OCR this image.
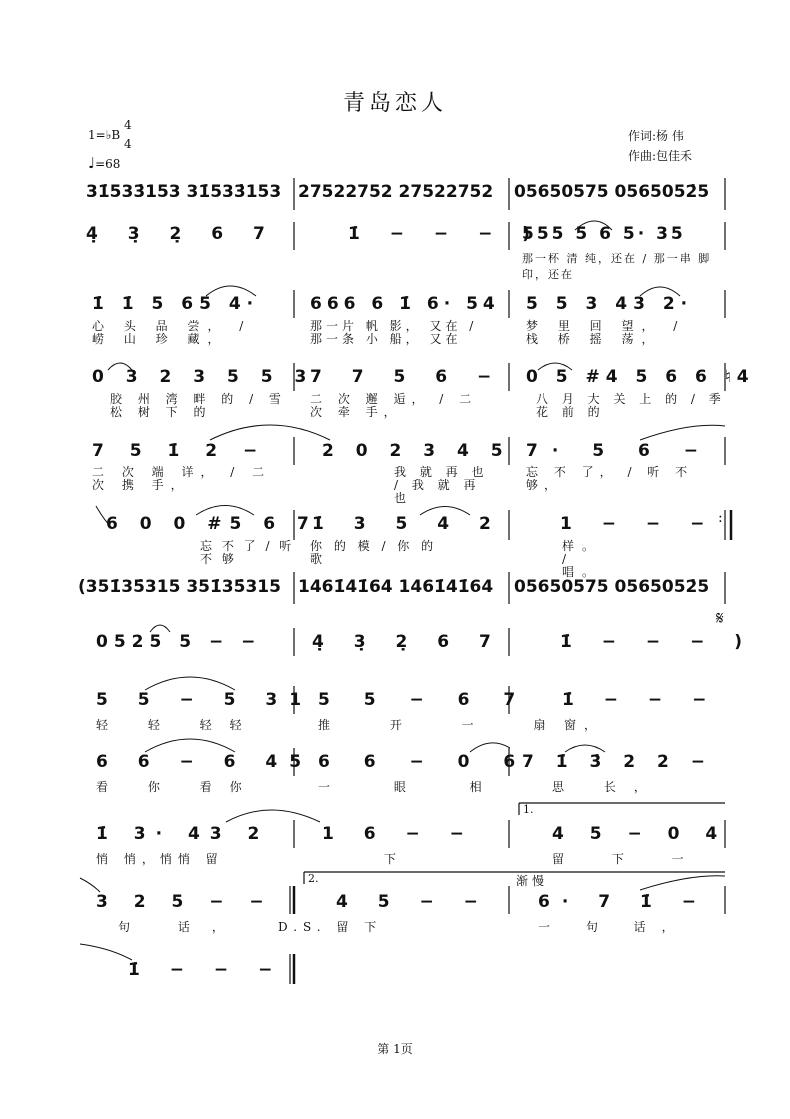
青岛恋人
1=♭B
4
4
♩=68
作词:杨 伟
作曲:包佳禾
31̇533̇153 31̇533̇153 27522752 27522752 05650575 0565052̇5
4̣ 3̣ 2̣ 6 7	1̇ − − − )
555 5 6 5· 35
那一杯 清 纯，还在 / 那一串 脚 印，还在
1̇ 1̇ 5 65 4·	666 6 1̇ 6· 54 5 5 3 43 2·
心 头 品 尝， / 崂 山 珍 藏，
那一片 帆 影， 又在 / 那一条 小 船， 又在
梦 里 回 望， / 栈 桥 摇 荡，
0 3 2 3 5 5 3
7 7 5 6 − 0 5 #4 5 6 6 ♮4
胶 州 湾 畔 的 / 雪 松 树 下 的
二 次 邂 逅， / 二 次 牵 手，
八 月 大 关 上 的 / 季 花 前 的
7 5 1̇ 2 −	2 0 2 3 4 5 7· 5 6 −
二 次 端 详， / 二 次 携 手，
我 就 再 也 / 我 就 再 也
忘 不 了， / 听 不 够，
6 0 0 #5 6 7
1̇ 3 5 4 2	1 − − − :
忘 不 了 / 听 不 够
你 的 模 / 你 的 歌
样。 / 唱。
(351̇35̇315 351̇35̇315 1461̇41̇64 1461̇41̇64 05650575 0565052̇5
0525 5 − −	4̣ 3̣ 2̣ 6 7	1̇ − − − )
𝄋
5 5 − 5 31 5 5 − 6 7 1̇ − − −
轻 轻 轻轻	推 开 一 扇
窗，
6 6 − 6 45 6 6 − 0 6
7 1̇ 3̇ 2 2 −
看 你 看你	一 眼 相	思 长，
1.
1̇ 3· 43 2	1 6 − −	4 5 − 0 4
悄 悄，悄悄 留	下	留 下 一
2.	渐慢
3 2 5 − −	4 5 − −	6· 7 1̇ −
句 话，	D.S. 留 下	一 句 话，
1̇ − − −
第 1页
